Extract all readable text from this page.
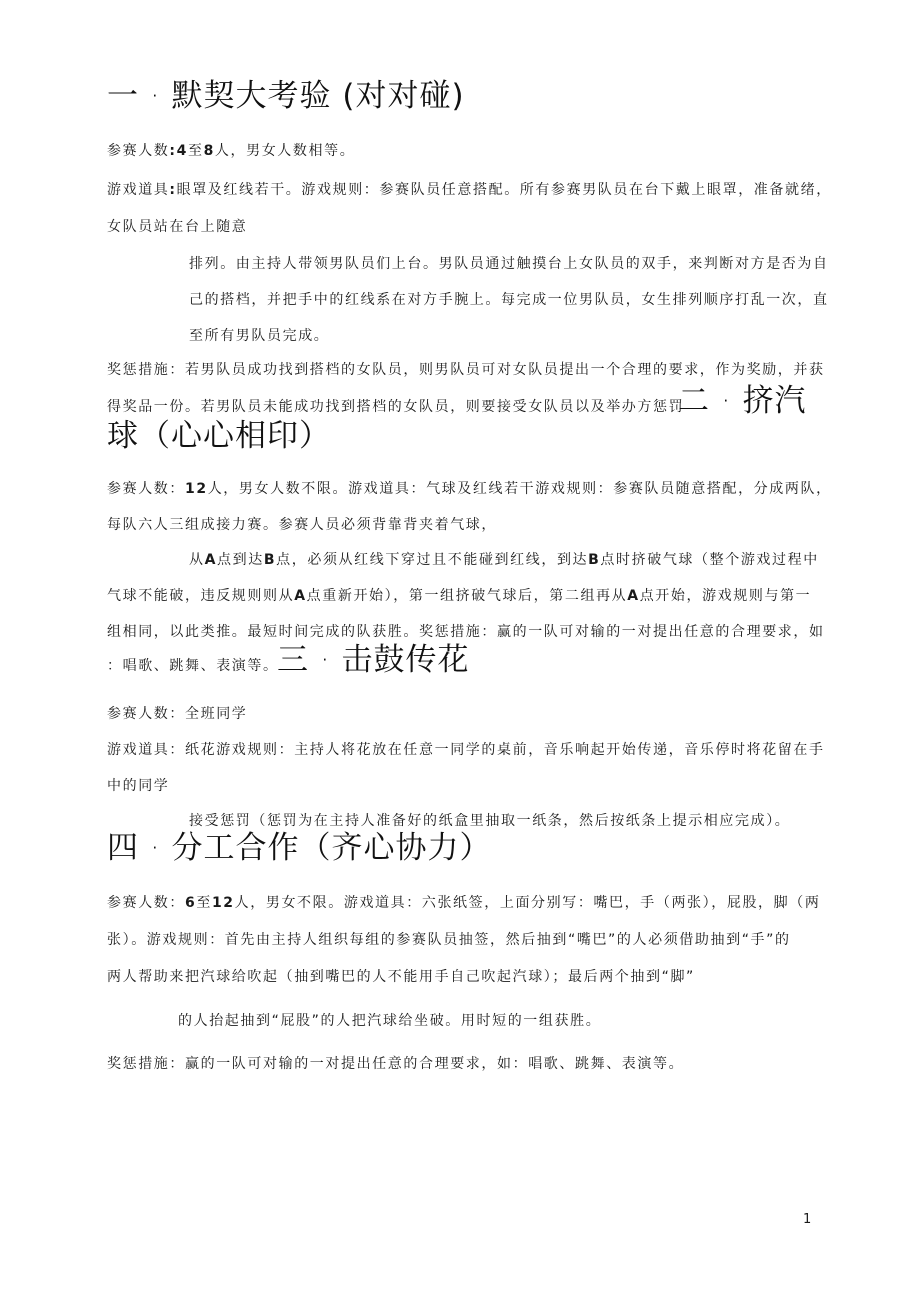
一 · 默契大考验 (对对碰)
参赛人数:4至8人，男女人数相等。
游戏道具:眼罩及红线若干。游戏规则：参赛队员任意搭配。所有参赛男队员在台下戴上眼罩，准备就绪，
女队员站在台上随意
排列。由主持人带领男队员们上台。男队员通过触摸台上女队员的双手，来判断对方是否为自
己的搭档，并把手中的红线系在对方手腕上。每完成一位男队员，女生排列顺序打乱一次，直
至所有男队员完成。
奖惩措施：若男队员成功找到搭档的女队员，则男队员可对女队员提出一个合理的要求，作为奖励，并获
得奖品一份。若男队员未能成功找到搭档的女队员，则要接受女队员以及举办方惩罚
二 · 挤汽
球（心心相印）
参赛人数：12人，男女人数不限。游戏道具：气球及红线若干游戏规则：参赛队员随意搭配，分成两队，
每队六人三组成接力赛。参赛人员必须背靠背夹着气球，
从A点到达B点，必须从红线下穿过且不能碰到红线，到达B点时挤破气球（整个游戏过程中
气球不能破，违反规则则从A点重新开始），第一组挤破气球后，第二组再从A点开始，游戏规则与第一
组相同，以此类推。最短时间完成的队获胜。奖惩措施：赢的一队可对输的一对提出任意的合理要求，如
：唱歌、跳舞、表演等。
三 · 击鼓传花
参赛人数：全班同学
游戏道具：纸花游戏规则：主持人将花放在任意一同学的桌前，音乐响起开始传递，音乐停时将花留在手
中的同学
接受惩罚（惩罚为在主持人准备好的纸盒里抽取一纸条，然后按纸条上提示相应完成）。
四 · 分工合作（齐心协力）
参赛人数：6至12人，男女不限。游戏道具：六张纸签，上面分别写：嘴巴，手（两张），屁股，脚（两
张）。游戏规则：首先由主持人组织每组的参赛队员抽签，然后抽到“嘴巴”的人必须借助抽到“手”的
两人帮助来把汽球给吹起（抽到嘴巴的人不能用手自己吹起汽球）；最后两个抽到“脚”
的人抬起抽到“屁股”的人把汽球给坐破。用时短的一组获胜。
奖惩措施：赢的一队可对输的一对提出任意的合理要求，如：唱歌、跳舞、表演等。
1
